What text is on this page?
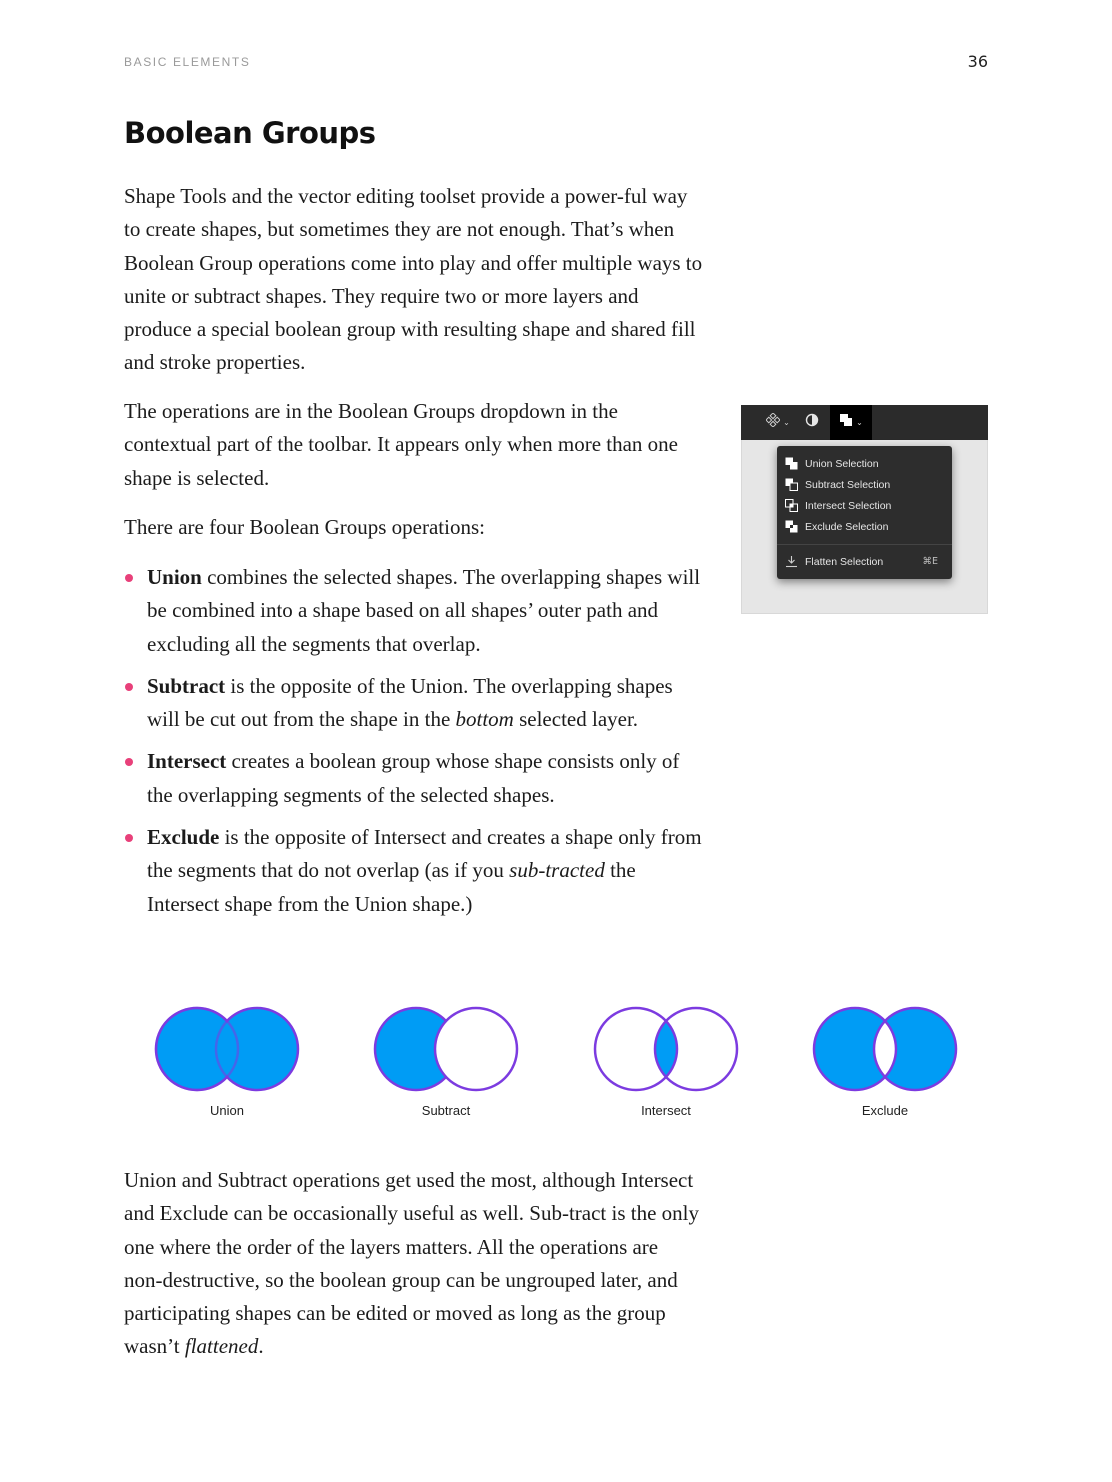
BASIC ELEMENTS	36
Boolean Groups

Shape Tools and the vector editing toolset provide a power-ful way to create shapes, but sometimes they are not enough. That’s when Boolean Group operations come into play and offer multiple ways to unite or subtract shapes. They require two or more layers and produce a special boolean group with resulting shape and shared fill and stroke properties.

The operations are in the Boolean Groups dropdown in the contextual part of the toolbar. It appears only when more than one shape is selected.

There are four Boolean Groups operations:

Union combines the selected shapes. The overlapping shapes will be combined into a shape based on all shapes’ outer path and excluding all the segments that overlap.
Subtract is the opposite of the Union. The overlapping shapes will be cut out from the shape in the bottom selected layer.
Intersect creates a boolean group whose shape consists only of the overlapping segments of the selected shapes.
Exclude is the opposite of Intersect and creates a shape only from the segments that do not overlap (as if you sub-tracted the Intersect shape from the Union shape.)
⌄	⌄
Union Selection
Subtract Selection
Intersect Selection
Exclude Selection
Flatten Selection	⌘E
Union	Subtract	Intersect	Exclude

Union and Subtract operations get used the most, although Intersect and Exclude can be occasionally useful as well. Sub-tract is the only one where the order of the layers matters. All the operations are non-destructive, so the boolean group can be ungrouped later, and participating shapes can be edited or moved as long as the group wasn’t flattened.
